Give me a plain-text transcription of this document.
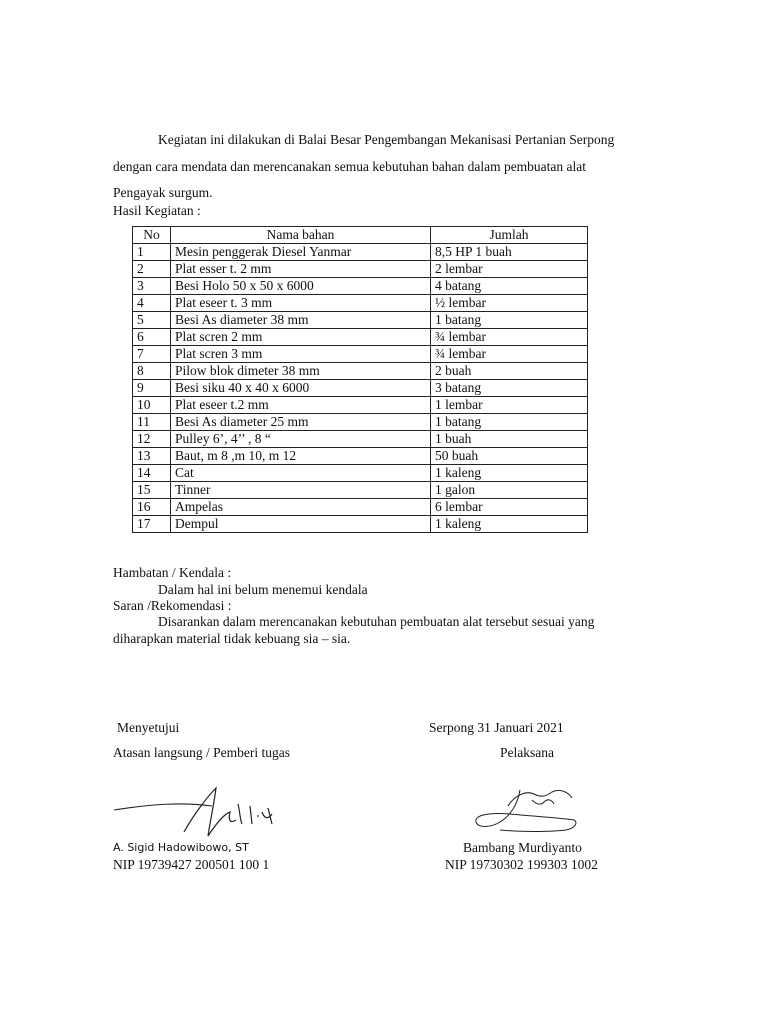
Kegiatan ini dilakukan di Balai Besar Pengembangan Mekanisasi Pertanian Serpong

dengan cara mendata dan merencanakan semua kebutuhan bahan dalam pembuatan alat

Pengayak surgum.

Hasil Kegiatan :
No	Nama bahan	Jumlah
1	Mesin penggerak Diesel Yanmar	8,5 HP 1 buah
2	Plat esser t. 2 mm	2 lembar
3	Besi Holo 50 x 50 x 6000	4 batang
4	Plat eseer t. 3 mm	½ lembar
5	Besi As diameter 38 mm	1 batang
6	Plat scren 2 mm	¾ lembar
7	Plat scren 3 mm	¾ lembar
8	Pilow blok dimeter 38 mm	2 buah
9	Besi siku 40 x 40 x 6000	3 batang
10	Plat eseer t.2 mm	1 lembar
11	Besi As diameter 25 mm	1 batang
12	Pulley 6’, 4’’ , 8 “	1 buah
13	Baut, m 8 ,m 10, m 12	50 buah
14	Cat	1 kaleng
15	Tinner	1 galon
16	Ampelas	6 lembar
17	Dempul	1 kaleng
Hambatan / Kendala :
Dalam hal ini belum menemui kendala
Saran /Rekomendasi :
Disarankan dalam merencanakan kebutuhan pembuatan alat tersebut sesuai yang
diharapkan material tidak kebuang sia – sia.
Menyetujui
Atasan langsung / Pemberi tugas
Serpong 31 Januari 2021
Pelaksana
A. Sigid Hadowibowo, ST
NIP 19739427 200501 100 1
Bambang Murdiyanto
NIP 19730302 199303 1002
